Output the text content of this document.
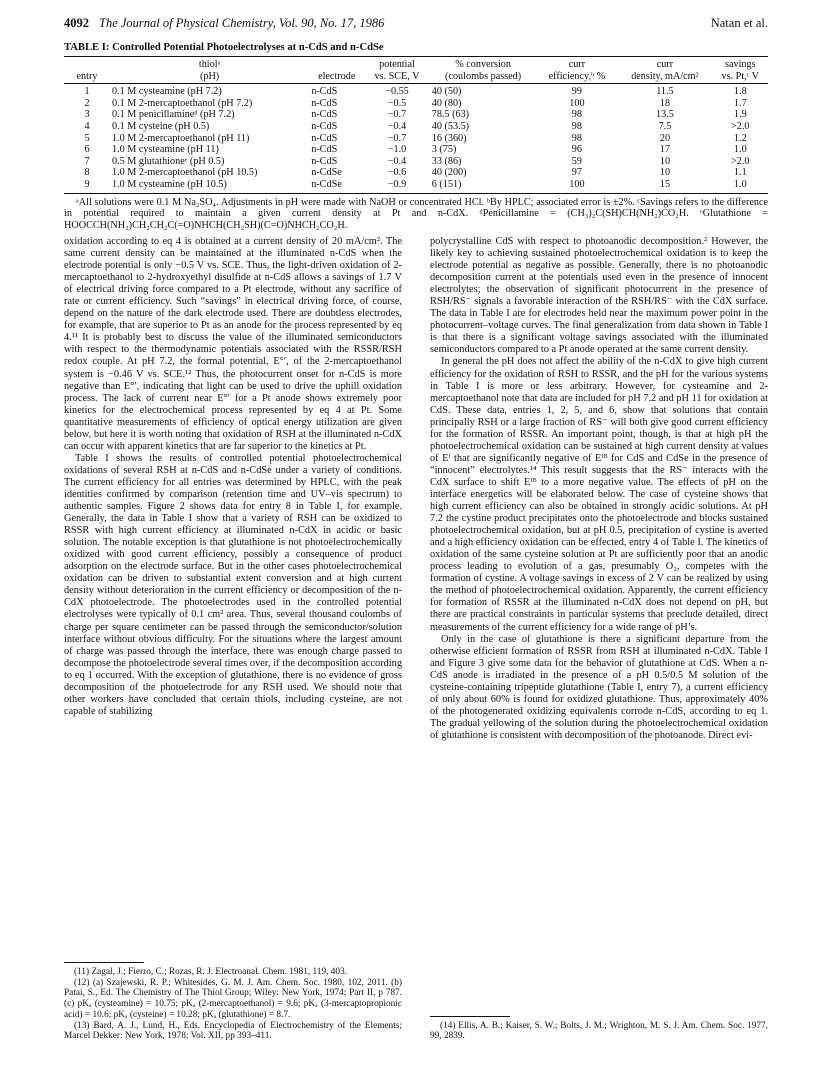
4092 The Journal of Physical Chemistry, Vol. 90, No. 17, 1986	Natan et al.
TABLE I: Controlled Potential Photoelectrolyses at n-CdS and n-CdSe
	thiolᵃ		potential	% conversion	curr	curr	savings
entry	(pH)	electrode	vs. SCE, V	(coulombs passed)	efficiency,ᵇ %	density, mA/cm²	vs. Pt,ᶜ V
1	0.1 M cysteamine (pH 7.2)	n-CdS	−0.55	40 (50)	99	11.5	1.8
2	0.1 M 2-mercaptoethanol (pH 7.2)	n-CdS	−0.5	40 (80)	100	18	1.7
3	0.1 M penicillamineᵈ (pH 7.2)	n-CdS	−0.7	78.5 (63)	98	13.5	1.9
4	0.1 M cysteine (pH 0.5)	n-CdS	−0.4	40 (53.5)	98	7.5	>2.0
5	1.0 M 2-mercaptoethanol (pH 11)	n-CdS	−0.7	16 (360)	98	20	1.2
6	1.0 M cysteamine (pH 11)	n-CdS	−1.0	3 (75)	96	17	1.0
7	0.5 M glutathioneᵉ (pH 0.5)	n-CdS	−0.4	33 (86)	59	10	>2.0
8	1.0 M 2-mercaptoethanol (pH 10.5)	n-CdSe	−0.6	40 (200)	97	10	1.1
9	1.0 M cysteamine (pH 10.5)	n-CdSe	−0.9	6 (151)	100	15	1.0
ᵃAll solutions were 0.1 M Na₂SO₄. Adjustments in pH were made with NaOH or concentrated HCl. ᵇBy HPLC; associated error is ±2%. ᶜSavings refers to the difference in potential required to maintain a given current density at Pt and n-CdX. ᵈPenicillamine = (CH₃)₂C(SH)CH(NH₂)CO₂H. ᵉGlutathione = HOOCCH(NH₂)CH₂CH₂C(=O)NHCH(CH₂SH)(C=O)NHCH₂CO₂H.

oxidation according to eq 4 is obtained at a current density of 20 mA/cm². The same current density can be maintained at the illuminated n-CdS when the electrode potential is only −0.5 V vs. SCE. Thus, the light-driven oxidation of 2-mercaptoethanol to 2-hydroxyethyl disulfide at n-CdS allows a savings of 1.7 V of electrical driving force compared to a Pt electrode, without any sacrifice of rate or current efficiency. Such “savings” in electrical driving force, of course, depend on the nature of the dark electrode used. There are doubtless electrodes, for example, that are superior to Pt as an anode for the process represented by eq 4.¹¹ It is probably best to discuss the value of the illuminated semiconductors with respect to the thermodynamic potentials associated with the RSSR/RSH redox couple. At pH 7.2, the formal potential, E°′, of the 2-mercaptoethanol system is −0.46 V vs. SCE.¹² Thus, the photocurrent onset for n-CdS is more negative than E°′, indicating that light can be used to drive the uphill oxidation process. The lack of current near E°′ for a Pt anode shows extremely poor kinetics for the electrochemical process represented by eq 4 at Pt. Some quantitative measurements of efficiency of optical energy utilization are given below, but here it is worth noting that oxidation of RSH at the illuminated n-CdX can occur with apparent kinetics that are far superior to the kinetics at Pt.

Table I shows the results of controlled potential photoelectrochemical oxidations of several RSH at n-CdS and n-CdSe under a variety of conditions. The current efficiency for all entries was determined by HPLC, with the peak identities confirmed by comparison (retention time and UV–vis spectrum) to authentic samples. Figure 2 shows data for entry 8 in Table I, for example. Generally, the data in Table I show that a variety of RSH can be oxidized to RSSR with high current efficiency at illuminated n-CdX in acidic or basic solution. The notable exception is that glutathione is not photoelectrochemically oxidized with good current efficiency, possibly a consequence of product adsorption on the electrode surface. But in the other cases photoelectrochemical oxidation can be driven to substantial extent conversion and at high current density without deterioration in the current efficiency or decomposition of the n-CdX photoelectrode. The photoelectrodes used in the controlled potential electrolyses were typically of 0.1 cm² area. Thus, several thousand coulombs of charge per square centimeter can be passed through the semiconductor/solution interface without obvious difficulty. For the situations where the largest amount of charge was passed through the interface, there was enough charge passed to decompose the photoelectrode several times over, if the decomposition according to eq 1 occurred. With the exception of glutathione, there is no evidence of gross decomposition of the photoelectrode for any RSH used. We should note that other workers have concluded that certain thiols, including cysteine, are not capable of stabilizing

(11) Zagal, J.; Fierro, C.; Rozas, R. J. Electroanal. Chem. 1981, 119, 403.

(12) (a) Szajewski, R. P.; Whitesides, G. M. J. Am. Chem. Soc. 1980, 102, 2011. (b) Patai, S., Ed. The Chemistry of The Thiol Group; Wiley: New York, 1974; Part II, p 787. (c) pKₐ (cysteamine) = 10.75; pKₐ (2-mercaptoethanol) = 9.6; pKₐ (3-mercaptopropionic acid) = 10.6; pKₐ (cysteine) = 10.28; pKₐ (glutathione) = 8.7.

(13) Bard, A. J., Lund, H., Eds. Encyclopedia of Electrochemistry of the Elements; Marcel Dekker: New York, 1978; Vol. XII, pp 393–411.

polycrystalline CdS with respect to photoanodic decomposition.² However, the likely key to achieving sustained photoelectrochemical oxidation is to keep the electrode potential as negative as possible. Generally, there is no photoanodic decomposition current at the potentials used even in the presence of innocent electrolytes; the observation of significant photocurrent in the presence of RSH/RS⁻ signals a favorable interaction of the RSH/RS⁻ with the CdX surface. The data in Table I are for electrodes held near the maximum power point in the photocurrent–voltage curves. The final generalization from data shown in Table I is that there is a significant voltage savings associated with the illuminated semiconductors compared to a Pt anode operated at the same current density.

In general the pH does not affect the ability of the n-CdX to give high current efficiency for the oxidation of RSH to RSSR, and the pH for the various systems in Table I is more or less arbitrary. However, for cysteamine and 2-mercaptoethanol note that data are included for pH 7.2 and pH 11 for oxidation at CdS. These data, entries 1, 2, 5, and 6, show that solutions that contain principally RSH or a large fraction of RS⁻ will both give good current efficiency for the formation of RSSR. An important point, though, is that at high pH the photoelectrochemical oxidation can be sustained at high current density at values of Eᶠ that are significantly negative of Eᶠᴮ for CdS and CdSe in the presence of “innocent” electrolytes.¹⁴ This result suggests that the RS⁻ interacts with the CdX surface to shift Eᶠᴮ to a more negative value. The effects of pH on the interface energetics will be elaborated below. The case of cysteine shows that high current efficiency can also be obtained in strongly acidic solutions. At pH 7.2 the cystine product precipitates onto the photoelectrode and blocks sustained photoelectrochemical oxidation, but at pH 0.5, precipitation of cystine is averted and a high efficiency oxidation can be effected, entry 4 of Table I. The kinetics of oxidation of the same cysteine solution at Pt are sufficiently poor that an anodic process leading to evolution of a gas, presumably O₂, competes with the formation of cystine. A voltage savings in excess of 2 V can be realized by using the method of photoelectrochemical oxidation. Apparently, the current efficiency for formation of RSSR at the illuminated n-CdX does not depend on pH, but there are practical constraints in particular systems that preclude detailed, direct measurements of the current efficiency for a wide range of pH’s.

Only in the case of glutathione is there a significant departure from the otherwise efficient formation of RSSR from RSH at illuminated n-CdX. Table I and Figure 3 give some data for the behavior of glutathione at CdS. When a n-CdS anode is irradiated in the presence of a pH 0.5/0.5 M solution of the cysteine-containing tripeptide glutathione (Table I, entry 7), a current efficiency of only about 60% is found for oxidized glutathione. Thus, approximately 40% of the photogenerated oxidizing equivalents corrode n-CdS, according to eq 1. The gradual yellowing of the solution during the photoelectrochemical oxidation of glutathione is consistent with decomposition of the photoanode. Direct evi-

(14) Ellis, A. B.; Kaiser, S. W.; Bolts, J. M.; Wrighton, M. S. J. Am. Chem. Soc. 1977, 99, 2839.
